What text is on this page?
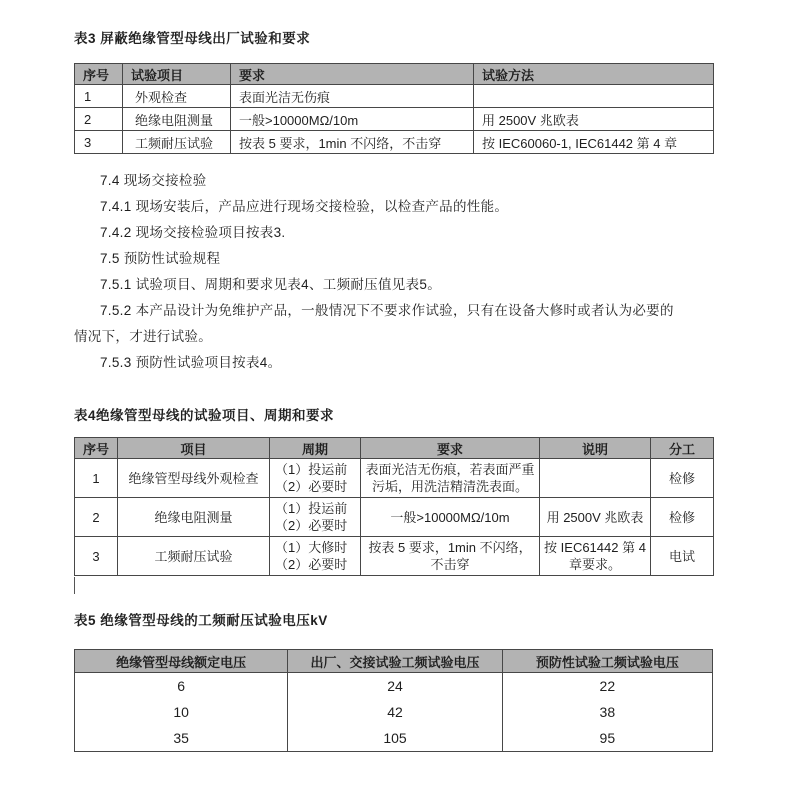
表3 屏蔽绝缘管型母线出厂试验和要求
序号	试验项目	要求	试验方法
1	外观检查	表面光洁无伤痕	
2	绝缘电阻测量	一般>10000MΩ/10m	用 2500V 兆欧表
3	工频耐压试验	按表 5 要求，1min 不闪络，不击穿	按 IEC60060-1, IEC61442 第 4 章

7.4 现场交接检验

7.4.1 现场安装后，产品应进行现场交接检验，以检查产品的性能。

7.4.2 现场交接检验项目按表3.

7.5 预防性试验规程

7.5.1 试验项目、周期和要求见表4、工频耐压值见表5。

7.5.2 本产品设计为免维护产品，一般情况下不要求作试验，只有在设备大修时或者认为必要的

情况下，才进行试验。

7.5.3 预防性试验项目按表4。

表4绝缘管型母线的试验项目、周期和要求
序号	项目	周期	要求	说明	分工
1	绝缘管型母线外观检查	（1）投运前
（2）必要时	表面光洁无伤痕，若表面严重污垢，用洗洁精清洗表面。		检修
2	绝缘电阻测量	（1）投运前
（2）必要时	一般>10000MΩ/10m	用 2500V 兆欧表	检修
3	工频耐压试验	（1）大修时
（2）必要时	按表 5 要求，1min 不闪络，不击穿	按 IEC61442 第 4 章要求。	电试
表5 绝缘管型母线的工频耐压试验电压kV
绝缘管型母线额定电压	出厂、交接试验工频试验电压	预防性试验工频试验电压
6	24	22
10	42	38
35	105	95
